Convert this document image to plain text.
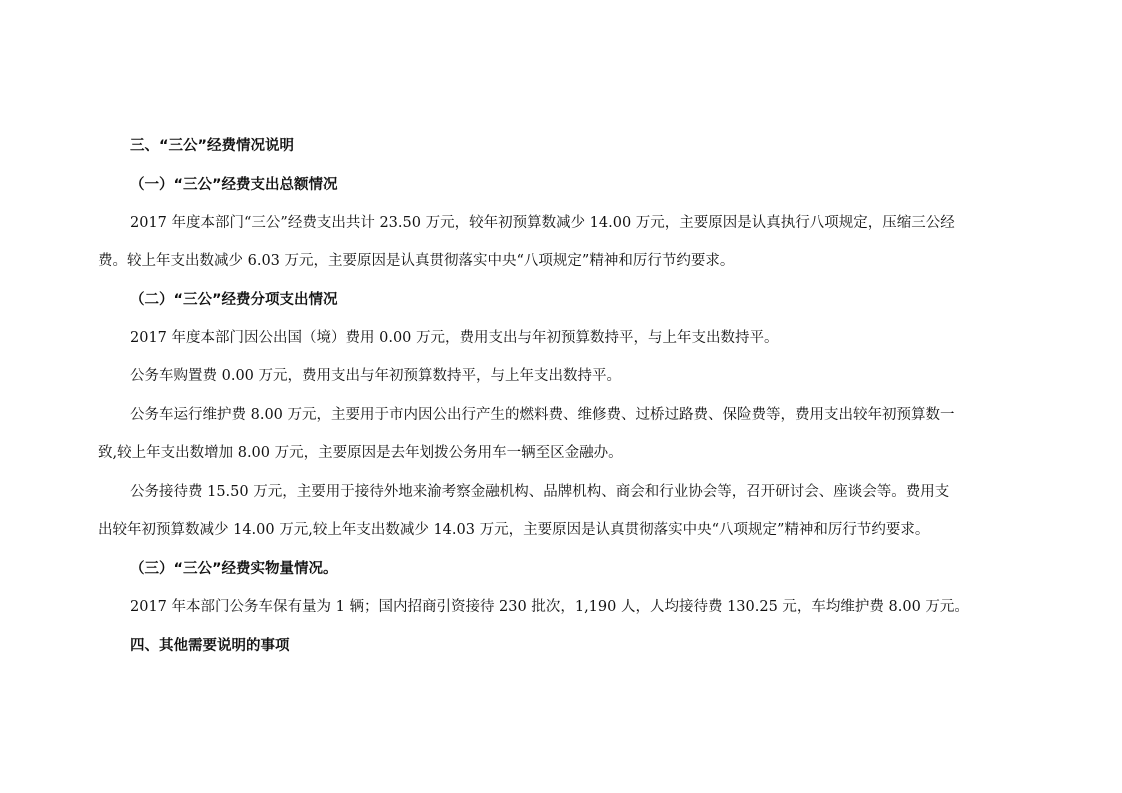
三、“三公”经费情况说明
（一）“三公”经费支出总额情况
2017 年度本部门“三公”经费支出共计 23.50 万元，较年初预算数减少 14.00 万元，主要原因是认真执行八项规定，压缩三公经
费。较上年支出数减少 6.03 万元，主要原因是认真贯彻落实中央“八项规定”精神和厉行节约要求。
（二）“三公”经费分项支出情况
2017 年度本部门因公出国（境）费用 0.00 万元，费用支出与年初预算数持平，与上年支出数持平。
公务车购置费 0.00 万元，费用支出与年初预算数持平，与上年支出数持平。
公务车运行维护费 8.00 万元，主要用于市内因公出行产生的燃料费、维修费、过桥过路费、保险费等，费用支出较年初预算数一
致,较上年支出数增加 8.00 万元，主要原因是去年划拨公务用车一辆至区金融办。
公务接待费 15.50 万元，主要用于接待外地来渝考察金融机构、品牌机构、商会和行业协会等，召开研讨会、座谈会等。费用支
出较年初预算数减少 14.00 万元,较上年支出数减少 14.03 万元，主要原因是认真贯彻落实中央“八项规定”精神和厉行节约要求。
（三）“三公”经费实物量情况。
2017 年本部门公务车保有量为 1 辆；国内招商引资接待 230 批次，1,190 人，人均接待费 130.25 元，车均维护费 8.00 万元。
四、其他需要说明的事项
